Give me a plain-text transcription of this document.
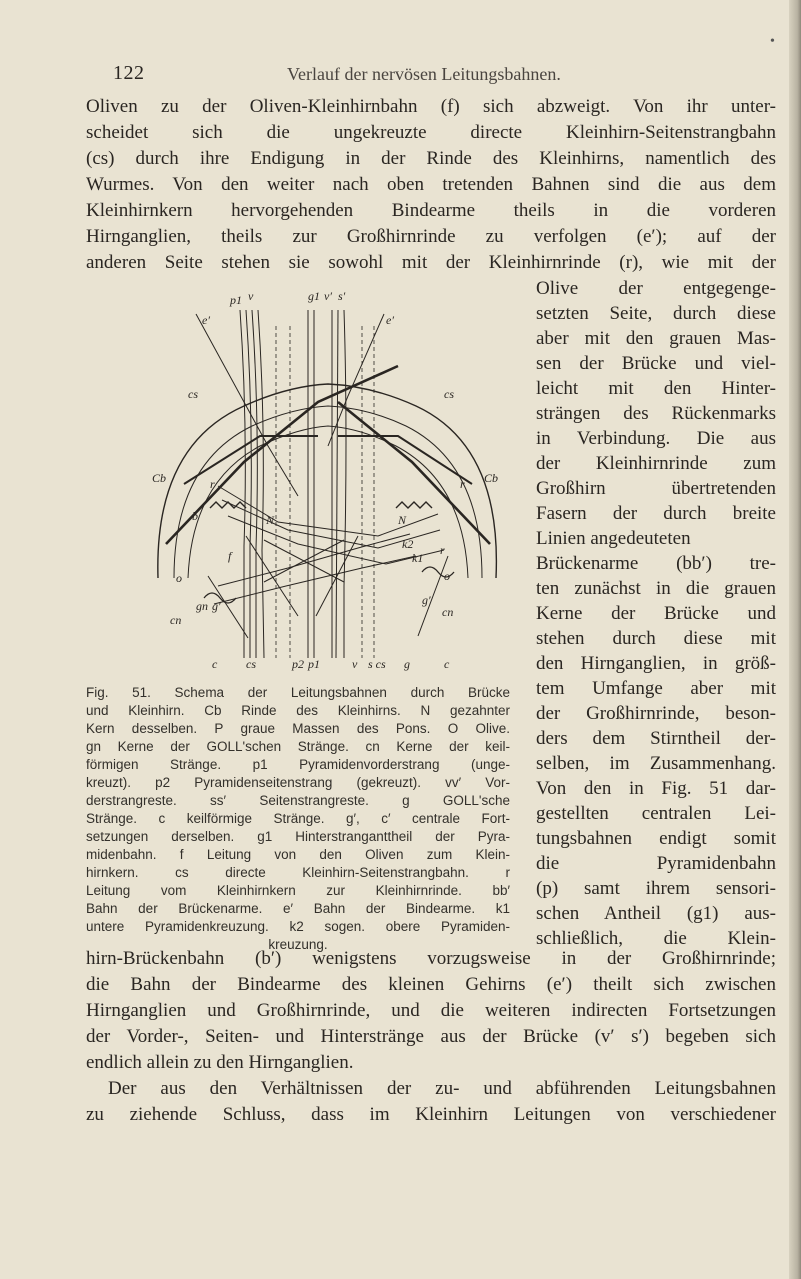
•
122	Verlauf der nervösen Leitungsbahnen.
Oliven zu der Oliven-Kleinhirnbahn (f) sich abzweigt. Von ihr unter-
scheidet sich die ungekreuzte directe Kleinhirn-Seitenstrangbahn
(cs) durch ihre Endigung in der Rinde des Kleinhirns, namentlich des
Wurmes. Von den weiter nach oben tretenden Bahnen sind die aus dem
Kleinhirnkern hervorgehenden Bindearme theils in die vorderen
Hirnganglien, theils zur Großhirnrinde zu verfolgen (e′); auf der
anderen Seite stehen sie sowohl mit der Kleinhirnrinde (r), wie mit der
Olive der entgegenge-
setzten Seite, durch diese
aber mit den grauen Mas-
sen der Brücke und viel-
leicht mit den Hinter-
strängen des Rückenmarks
in Verbindung. Die aus
der Kleinhirnrinde zum
Großhirn übertretenden
Fasern der durch breite
Linien angedeuteten
Brückenarme (bb′) tre-
ten zunächst in die grauen
Kerne der Brücke und
stehen durch diese mit
den Hirnganglien, in größ-
tem Umfange aber mit
der Großhirnrinde, beson-
ders dem Stirntheil der-
selben, im Zusammenhang.
Von den in Fig. 51 dar-
gestellten centralen Lei-
tungsbahnen endigt somit
die Pyramidenbahn
(p) samt ihrem sensori-
schen Antheil (g1) aus-
schließlich, die Klein-
p1 v	g1 v′ s′
e′	e′
cs	cs
Cb	Cb
r	r
r
b	N	N
k1
k2
f
o	o
cn
cn
gn g′	g′
c cs	p2 p1	v s cs g	c
Fig. 51. Schema der Leitungsbahnen durch Brücke
und Kleinhirn. Cb Rinde des Kleinhirns. N gezahnter
Kern desselben. P graue Massen des Pons. O Olive.
gn Kerne der GOLL'schen Stränge. cn Kerne der keil-
förmigen Stränge. p1 Pyramidenvorderstrang (unge-
kreuzt). p2 Pyramidenseitenstrang (gekreuzt). vv′ Vor-
derstrangreste. ss′ Seitenstrangreste. g GOLL'sche
Stränge. c keilförmige Stränge. g′, c′ centrale Fort-
setzungen derselben. g1 Hinterstranganttheil der Pyra-
midenbahn. f Leitung von den Oliven zum Klein-
hirnkern. cs directe Kleinhirn-Seitenstrangbahn. r
Leitung vom Kleinhirnkern zur Kleinhirnrinde. bb′
Bahn der Brückenarme. e′ Bahn der Bindearme. k1
untere Pyramidenkreuzung. k2 sogen. obere Pyramiden-
kreuzung.
hirn-Brückenbahn (b′) wenigstens vorzugsweise in der Großhirnrinde;
die Bahn der Bindearme des kleinen Gehirns (e′) theilt sich zwischen
Hirnganglien und Großhirnrinde, und die weiteren indirecten Fortsetzungen
der Vorder-, Seiten- und Hinterstränge aus der Brücke (v′ s′) begeben sich
endlich allein zu den Hirnganglien.
Der aus den Verhältnissen der zu- und abführenden Leitungsbahnen
zu ziehende Schluss, dass im Kleinhirn Leitungen von verschiedener
